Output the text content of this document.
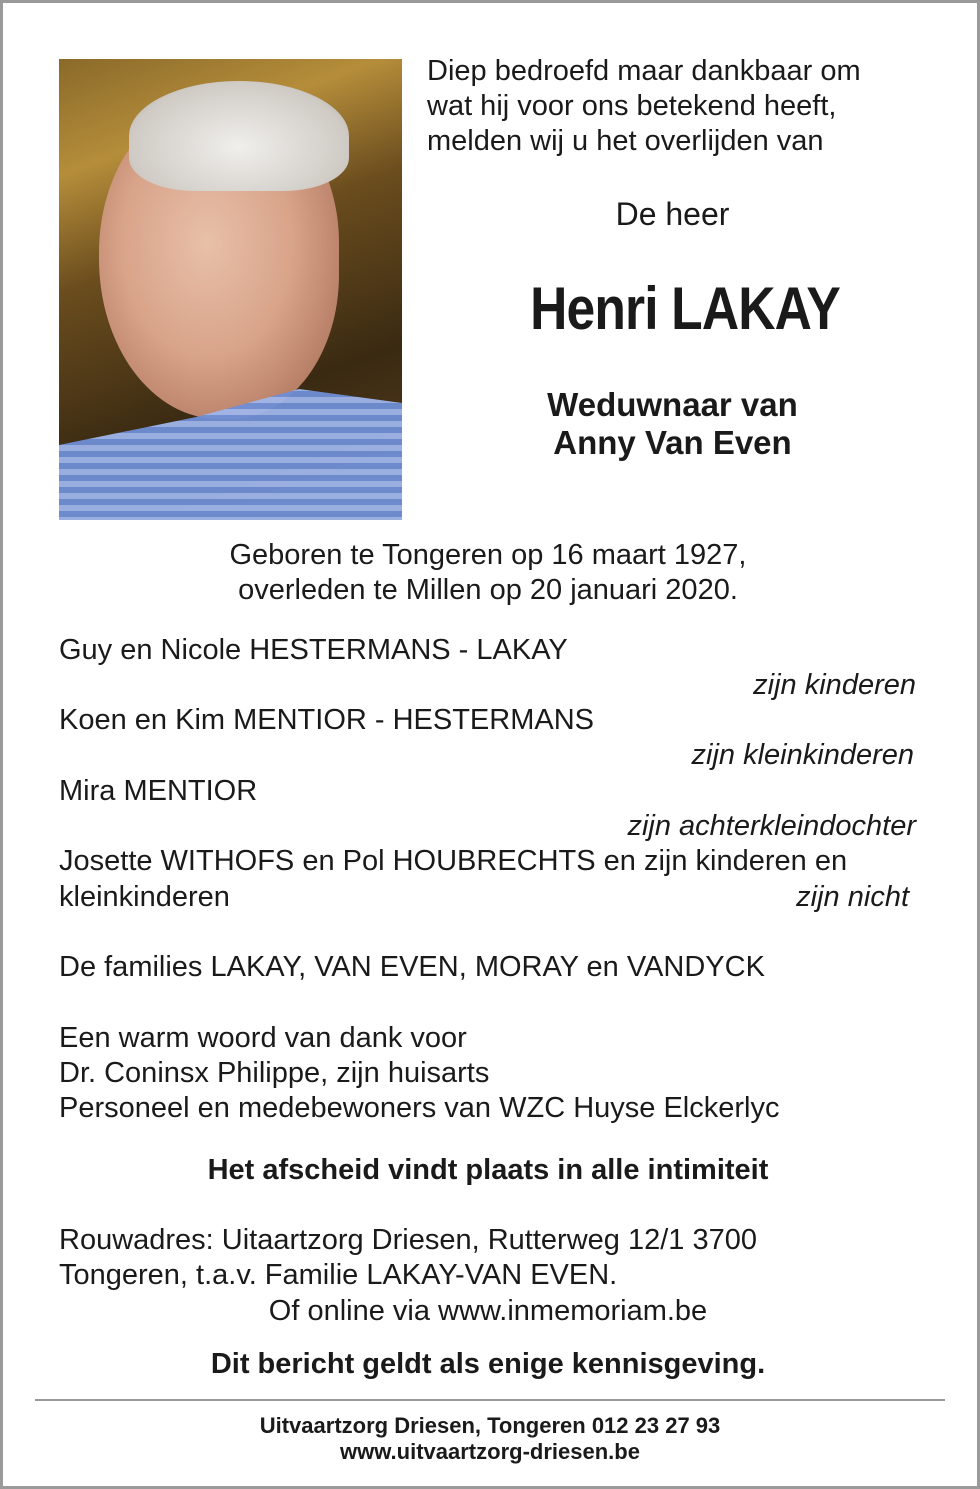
Diep bedroefd maar dankbaar om
wat hij voor ons betekend heeft,
melden wij u het overlijden van
De heer
Henri LAKAY
Weduwnaar van
Anny Van Even
Geboren te Tongeren op 16 maart 1927,
overleden te Millen op 20 januari 2020.
Guy en Nicole HESTERMANS - LAKAY
zijn kinderen
Koen en Kim MENTIOR - HESTERMANS
zijn kleinkinderen
Mira MENTIOR
zijn achterkleindochter
Josette WITHOFS en Pol HOUBRECHTS en zijn kinderen en
kleinkinderen	zijn nicht
De families LAKAY, VAN EVEN, MORAY en VANDYCK
Een warm woord van dank voor
Dr. Coninsx Philippe, zijn huisarts
Personeel en medebewoners van WZC Huyse Elckerlyc
Het afscheid vindt plaats in alle intimiteit
Rouwadres: Uitaartzorg Driesen, Rutterweg 12/1 3700
Tongeren, t.a.v. Familie LAKAY-VAN EVEN.
Of online via www.inmemoriam.be
Dit bericht geldt als enige kennisgeving.
Uitvaartzorg Driesen, Tongeren 012 23 27 93
www.uitvaartzorg-driesen.be
